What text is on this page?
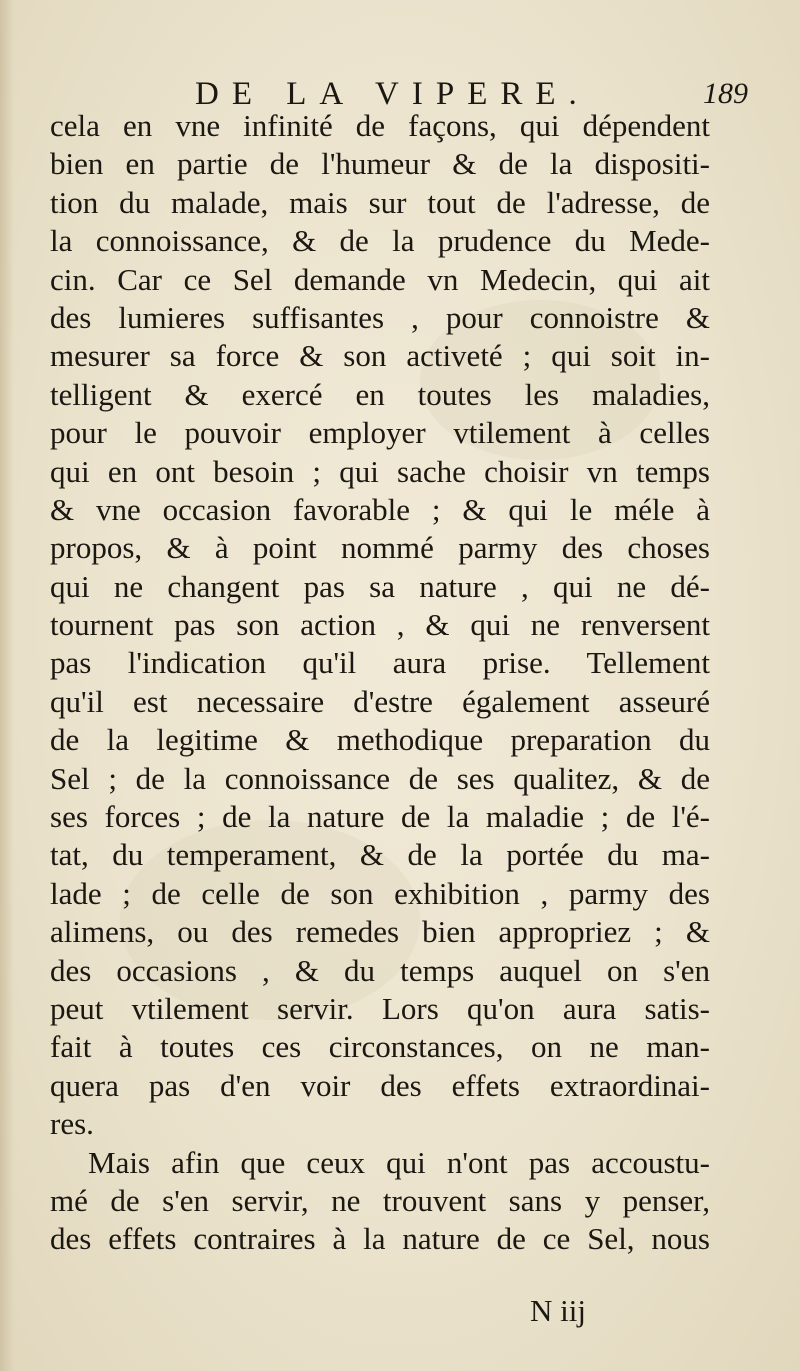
DE LA VIPERE.	189
cela en vne infinité de façons, qui dépendent
bien en partie de l'humeur & de la dispositi-
tion du malade, mais sur tout de l'adresse, de
la connoissance, & de la prudence du Mede-
cin. Car ce Sel demande vn Medecin, qui ait
des lumieres suffisantes , pour connoistre &
mesurer sa force & son activeté ; qui soit in-
telligent & exercé en toutes les maladies,
pour le pouvoir employer vtilement à celles
qui en ont besoin ; qui sache choisir vn temps
& vne occasion favorable ; & qui le méle à
propos, & à point nommé parmy des choses
qui ne changent pas sa nature , qui ne dé-
tournent pas son action , & qui ne renversent
pas l'indication qu'il aura prise. Tellement
qu'il est necessaire d'estre également asseuré
de la legitime & methodique preparation du
Sel ; de la connoissance de ses qualitez, & de
ses forces ; de la nature de la maladie ; de l'é-
tat, du temperament, & de la portée du ma-
lade ; de celle de son exhibition , parmy des
alimens, ou des remedes bien appropriez ; &
des occasions , & du temps auquel on s'en
peut vtilement servir. Lors qu'on aura satis-
fait à toutes ces circonstances, on ne man-
quera pas d'en voir des effets extraordinai-
res.
Mais afin que ceux qui n'ont pas accoustu-
mé de s'en servir, ne trouvent sans y penser,
des effets contraires à la nature de ce Sel, nous
N iij
